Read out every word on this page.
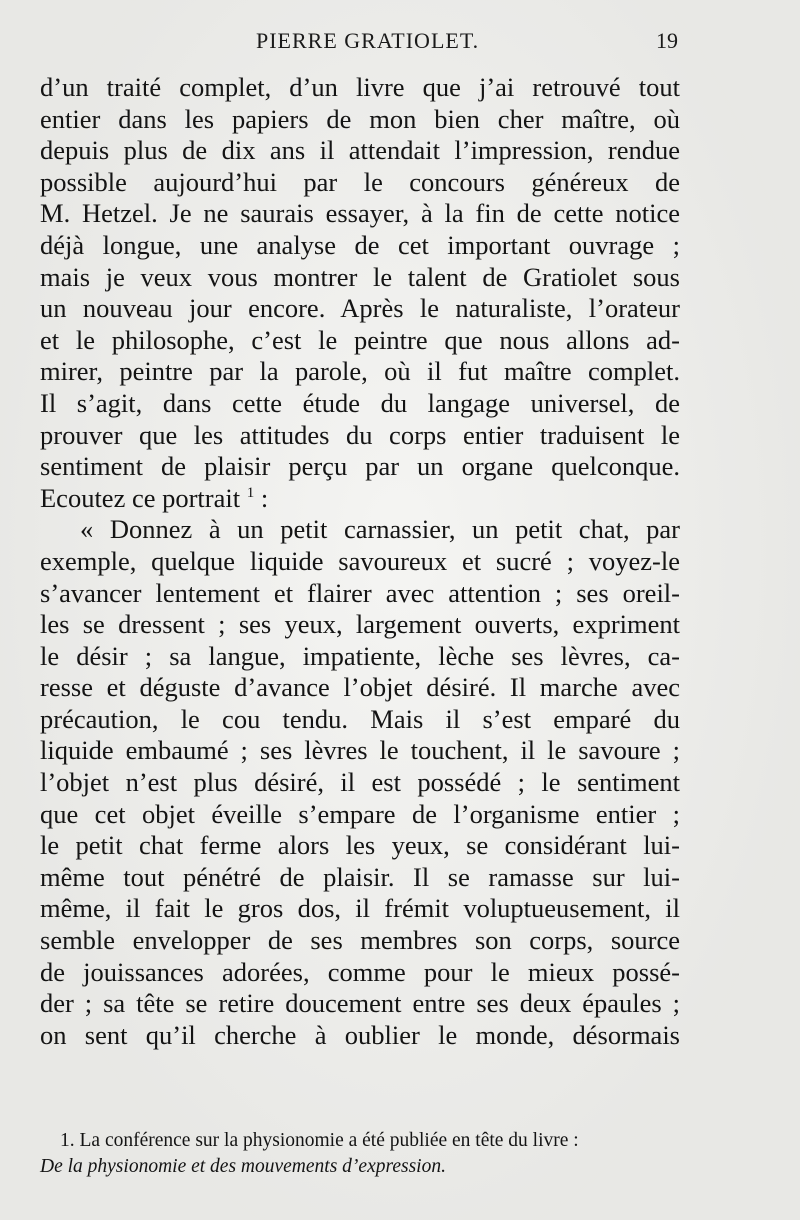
PIERRE GRATIOLET.	19
d’un traité complet, d’un livre que j’ai retrouvé tout
entier dans les papiers de mon bien cher maître, où
depuis plus de dix ans il attendait l’impression, rendue
possible aujourd’hui par le concours généreux de
M. Hetzel. Je ne saurais essayer, à la fin de cette notice
déjà longue, une analyse de cet important ouvrage ;
mais je veux vous montrer le talent de Gratiolet sous
un nouveau jour encore. Après le naturaliste, l’orateur
et le philosophe, c’est le peintre que nous allons ad-
mirer, peintre par la parole, où il fut maître complet.
Il s’agit, dans cette étude du langage universel, de
prouver que les attitudes du corps entier traduisent le
sentiment de plaisir perçu par un organe quelconque.
Ecoutez ce portrait $^1$ :
« Donnez à un petit carnassier, un petit chat, par
exemple, quelque liquide savoureux et sucré ; voyez-le
s’avancer lentement et flairer avec attention ; ses oreil-
les se dressent ; ses yeux, largement ouverts, expriment
le désir ; sa langue, impatiente, lèche ses lèvres, ca-
resse et déguste d’avance l’objet désiré. Il marche avec
précaution, le cou tendu. Mais il s’est emparé du
liquide embaumé ; ses lèvres le touchent, il le savoure ;
l’objet n’est plus désiré, il est possédé ; le sentiment
que cet objet éveille s’empare de l’organisme entier ;
le petit chat ferme alors les yeux, se considérant lui-
même tout pénétré de plaisir. Il se ramasse sur lui-
même, il fait le gros dos, il frémit voluptueusement, il
semble envelopper de ses membres son corps, source
de jouissances adorées, comme pour le mieux possé-
der ; sa tête se retire doucement entre ses deux épaules ;
on sent qu’il cherche à oublier le monde, désormais
1. La conférence sur la physionomie a été publiée en tête du livre :
De la physionomie et des mouvements d’expression.
